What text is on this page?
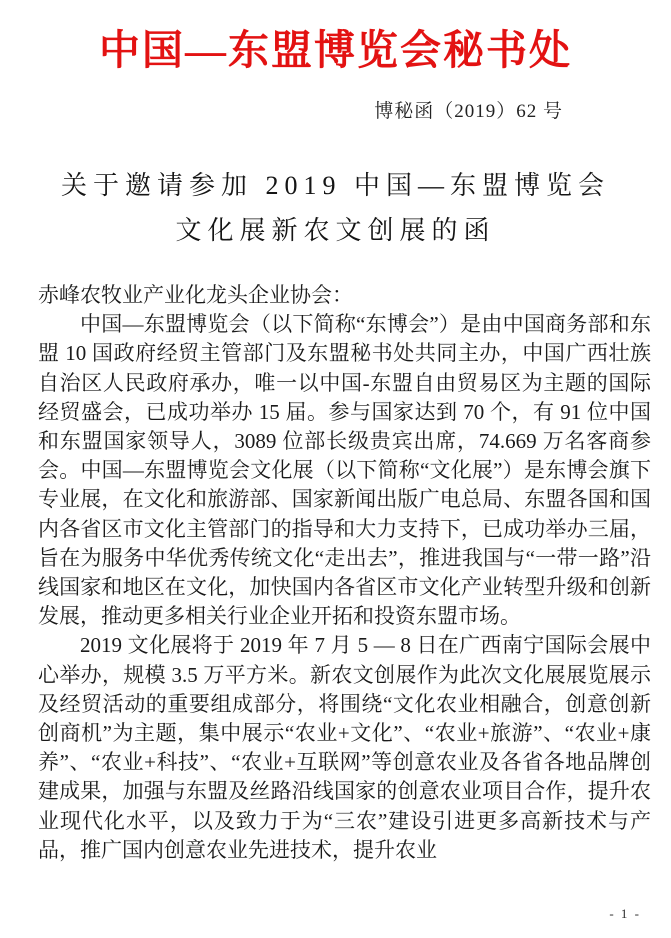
中国—东盟博览会秘书处
博秘函（2019）62 号
关于邀请参加 2019 中国—东盟博览会
文化展新农文创展的函
赤峰农牧业产业化龙头企业协会：

中国—东盟博览会（以下简称“东博会”）是由中国商务部和东盟 10 国政府经贸主管部门及东盟秘书处共同主办，中国广西壮族自治区人民政府承办，唯一以中国-东盟自由贸易区为主题的国际经贸盛会，已成功举办 15 届。参与国家达到 70 个，有 91 位中国和东盟国家领导人，3089 位部长级贵宾出席，74.669 万名客商参会。中国—东盟博览会文化展（以下简称“文化展”）是东博会旗下专业展，在文化和旅游部、国家新闻出版广电总局、东盟各国和国内各省区市文化主管部门的指导和大力支持下，已成功举办三届，旨在为服务中华优秀传统文化“走出去”，推进我国与“一带一路”沿线国家和地区在文化，加快国内各省区市文化产业转型升级和创新发展，推动更多相关行业企业开拓和投资东盟市场。

2019 文化展将于 2019 年 7 月 5 — 8 日在广西南宁国际会展中心举办，规模 3.5 万平方米。新农文创展作为此次文化展展览展示及经贸活动的重要组成部分，将围绕“文化农业相融合，创意创新创商机”为主题，集中展示“农业+文化”、“农业+旅游”、“农业+康养”、“农业+科技”、“农业+互联网”等创意农业及各省各地品牌创建成果，加强与东盟及丝路沿线国家的创意农业项目合作，提升农业现代化水平，以及致力于为“三农”建设引进更多高新技术与产品，推广国内创意农业先进技术，提升农业

- 1 -
